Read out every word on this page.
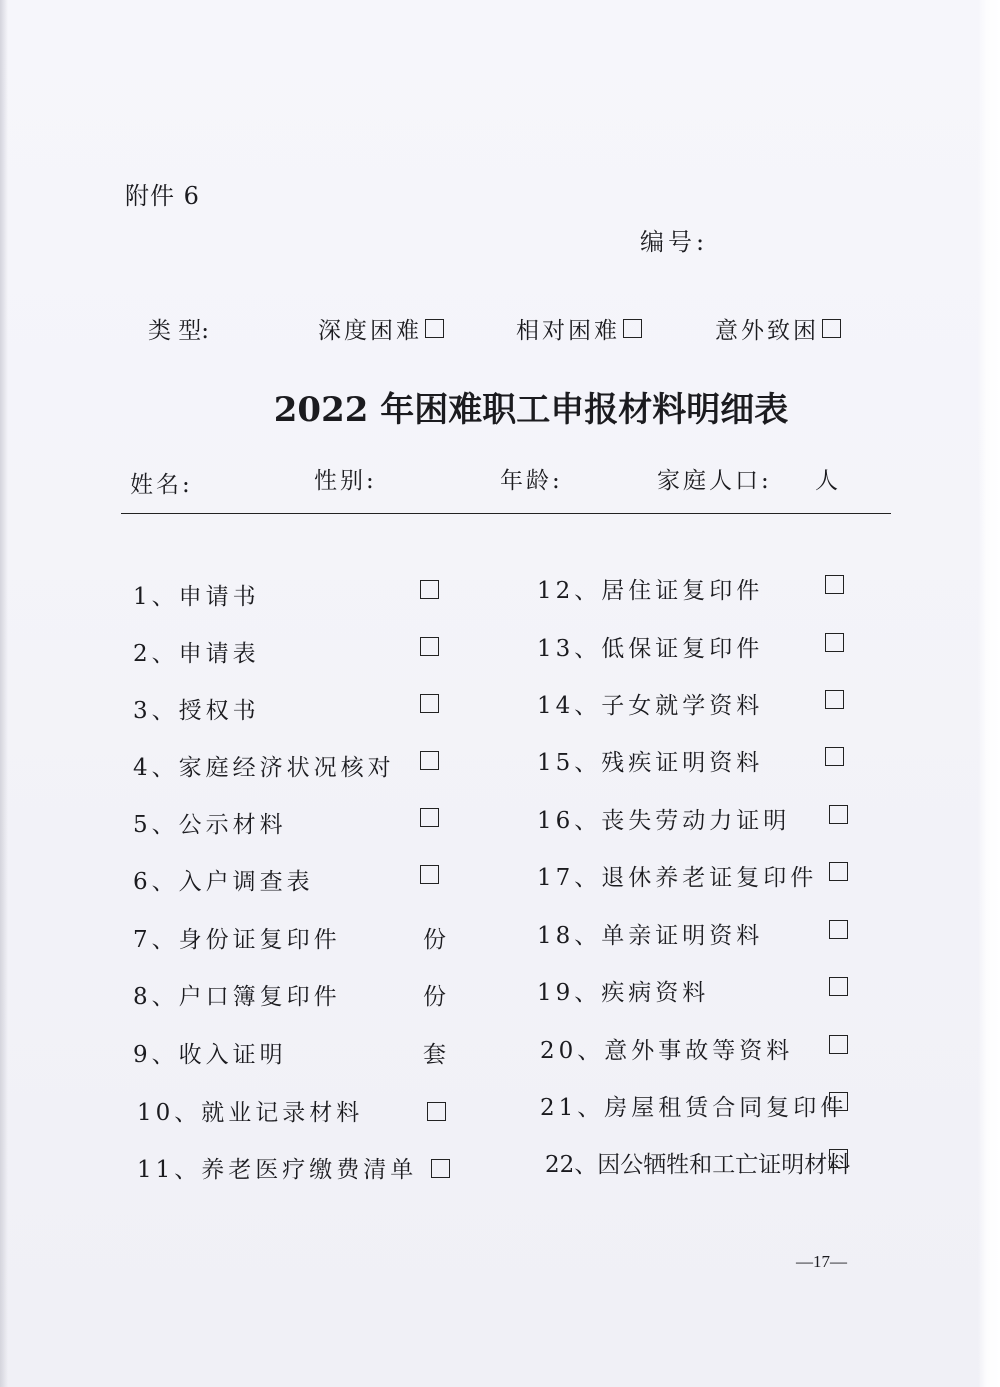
附件 6
编号:
类 型:	深度困难	相对困难	意外致困
2022 年困难职工申报材料明细表
姓名:	性别:	年龄:	家庭人口: 人
1、申请书
2、申请表
3、授权书
4、家庭经济状况核对
5、公示材料
6、入户调查表
7、身份证复印件	份
8、户口簿复印件	份
9、收入证明	套
10、就业记录材料
11、养老医疗缴费清单
12、居住证复印件
13、低保证复印件
14、子女就学资料
15、残疾证明资料
16、丧失劳动力证明
17、退休养老证复印件
18、单亲证明资料
19、疾病资料
20、意外事故等资料
21、房屋租赁合同复印件
22、因公牺牲和工亡证明材料
—17—
